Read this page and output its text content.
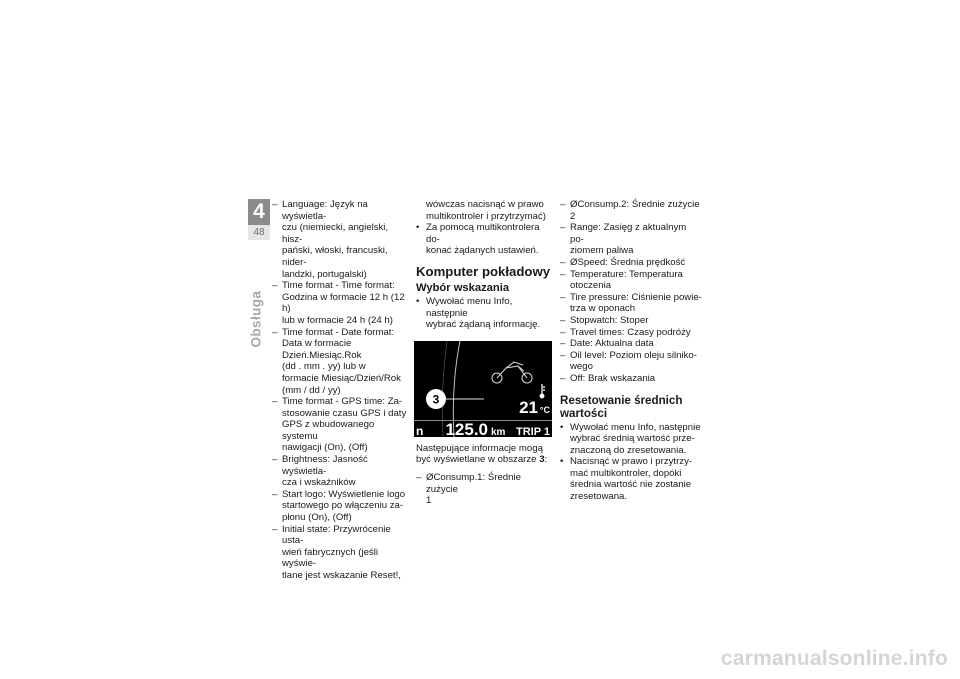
4
48
Obsługa
– Language: Język na wyświetla-
czu (niemiecki, angielski, hisz-
pański, włoski, francuski, nider-
landzki, portugalski)
– Time format - Time format:
Godzina w formacie 12 h (12 h)
lub w formacie 24 h (24 h)
– Time format - Date format:
Data w formacie
Dzień.Miesiąc.Rok
(dd . mm . yy) lub w
formacie Miesiąc/Dzień/Rok
(mm / dd / yy)
– Time format - GPS time: Za-
stosowanie czasu GPS i daty
GPS z wbudowanego systemu
nawigacji (On), (Off)
– Brightness: Jasność wyświetla-
cza i wskaźników
– Start logo: Wyświetlenie logo
startowego po włączeniu za-
płonu (On), (Off)
– Initial state: Przywrócenie usta-
wień fabrycznych (jeśli wyświe-
tlane jest wskazanie Reset!,

wówczas nacisnąć w prawo
multikontroler i przytrzymać)

• Za pomocą multikontrolera do-
konać żądanych ustawień.
Komputer pokładowy
Wybór wskazania
• Wywołać menu Info, następnie
wybrać żądaną informację.
3	21 °C
n 125.0 km TRIP 1

Następujące informacje mogą
być wyświetlane w obszarze 3:

– ØConsump.1: Średnie zużycie
1
– ØConsump.2: Średnie zużycie
2
– Range: Zasięg z aktualnym po-
ziomem paliwa
– ØSpeed: Średnia prędkość
– Temperature: Temperatura
otoczenia
– Tire pressure: Ciśnienie powie-
trza w oponach
– Stopwatch: Stoper
– Travel times: Czasy podróży
– Date: Aktualna data
– Oil level: Poziom oleju silniko-
wego
– Off: Brak wskazania
Resetowanie średnich
wartości
• Wywołać menu Info, następnie
wybrać średnią wartość prze-
znaczoną do zresetowania.
• Nacisnąć w prawo i przytrzy-
mać multikontroler, dopóki
średnia wartość nie zostanie
zresetowana.
carmanualsonline.info
